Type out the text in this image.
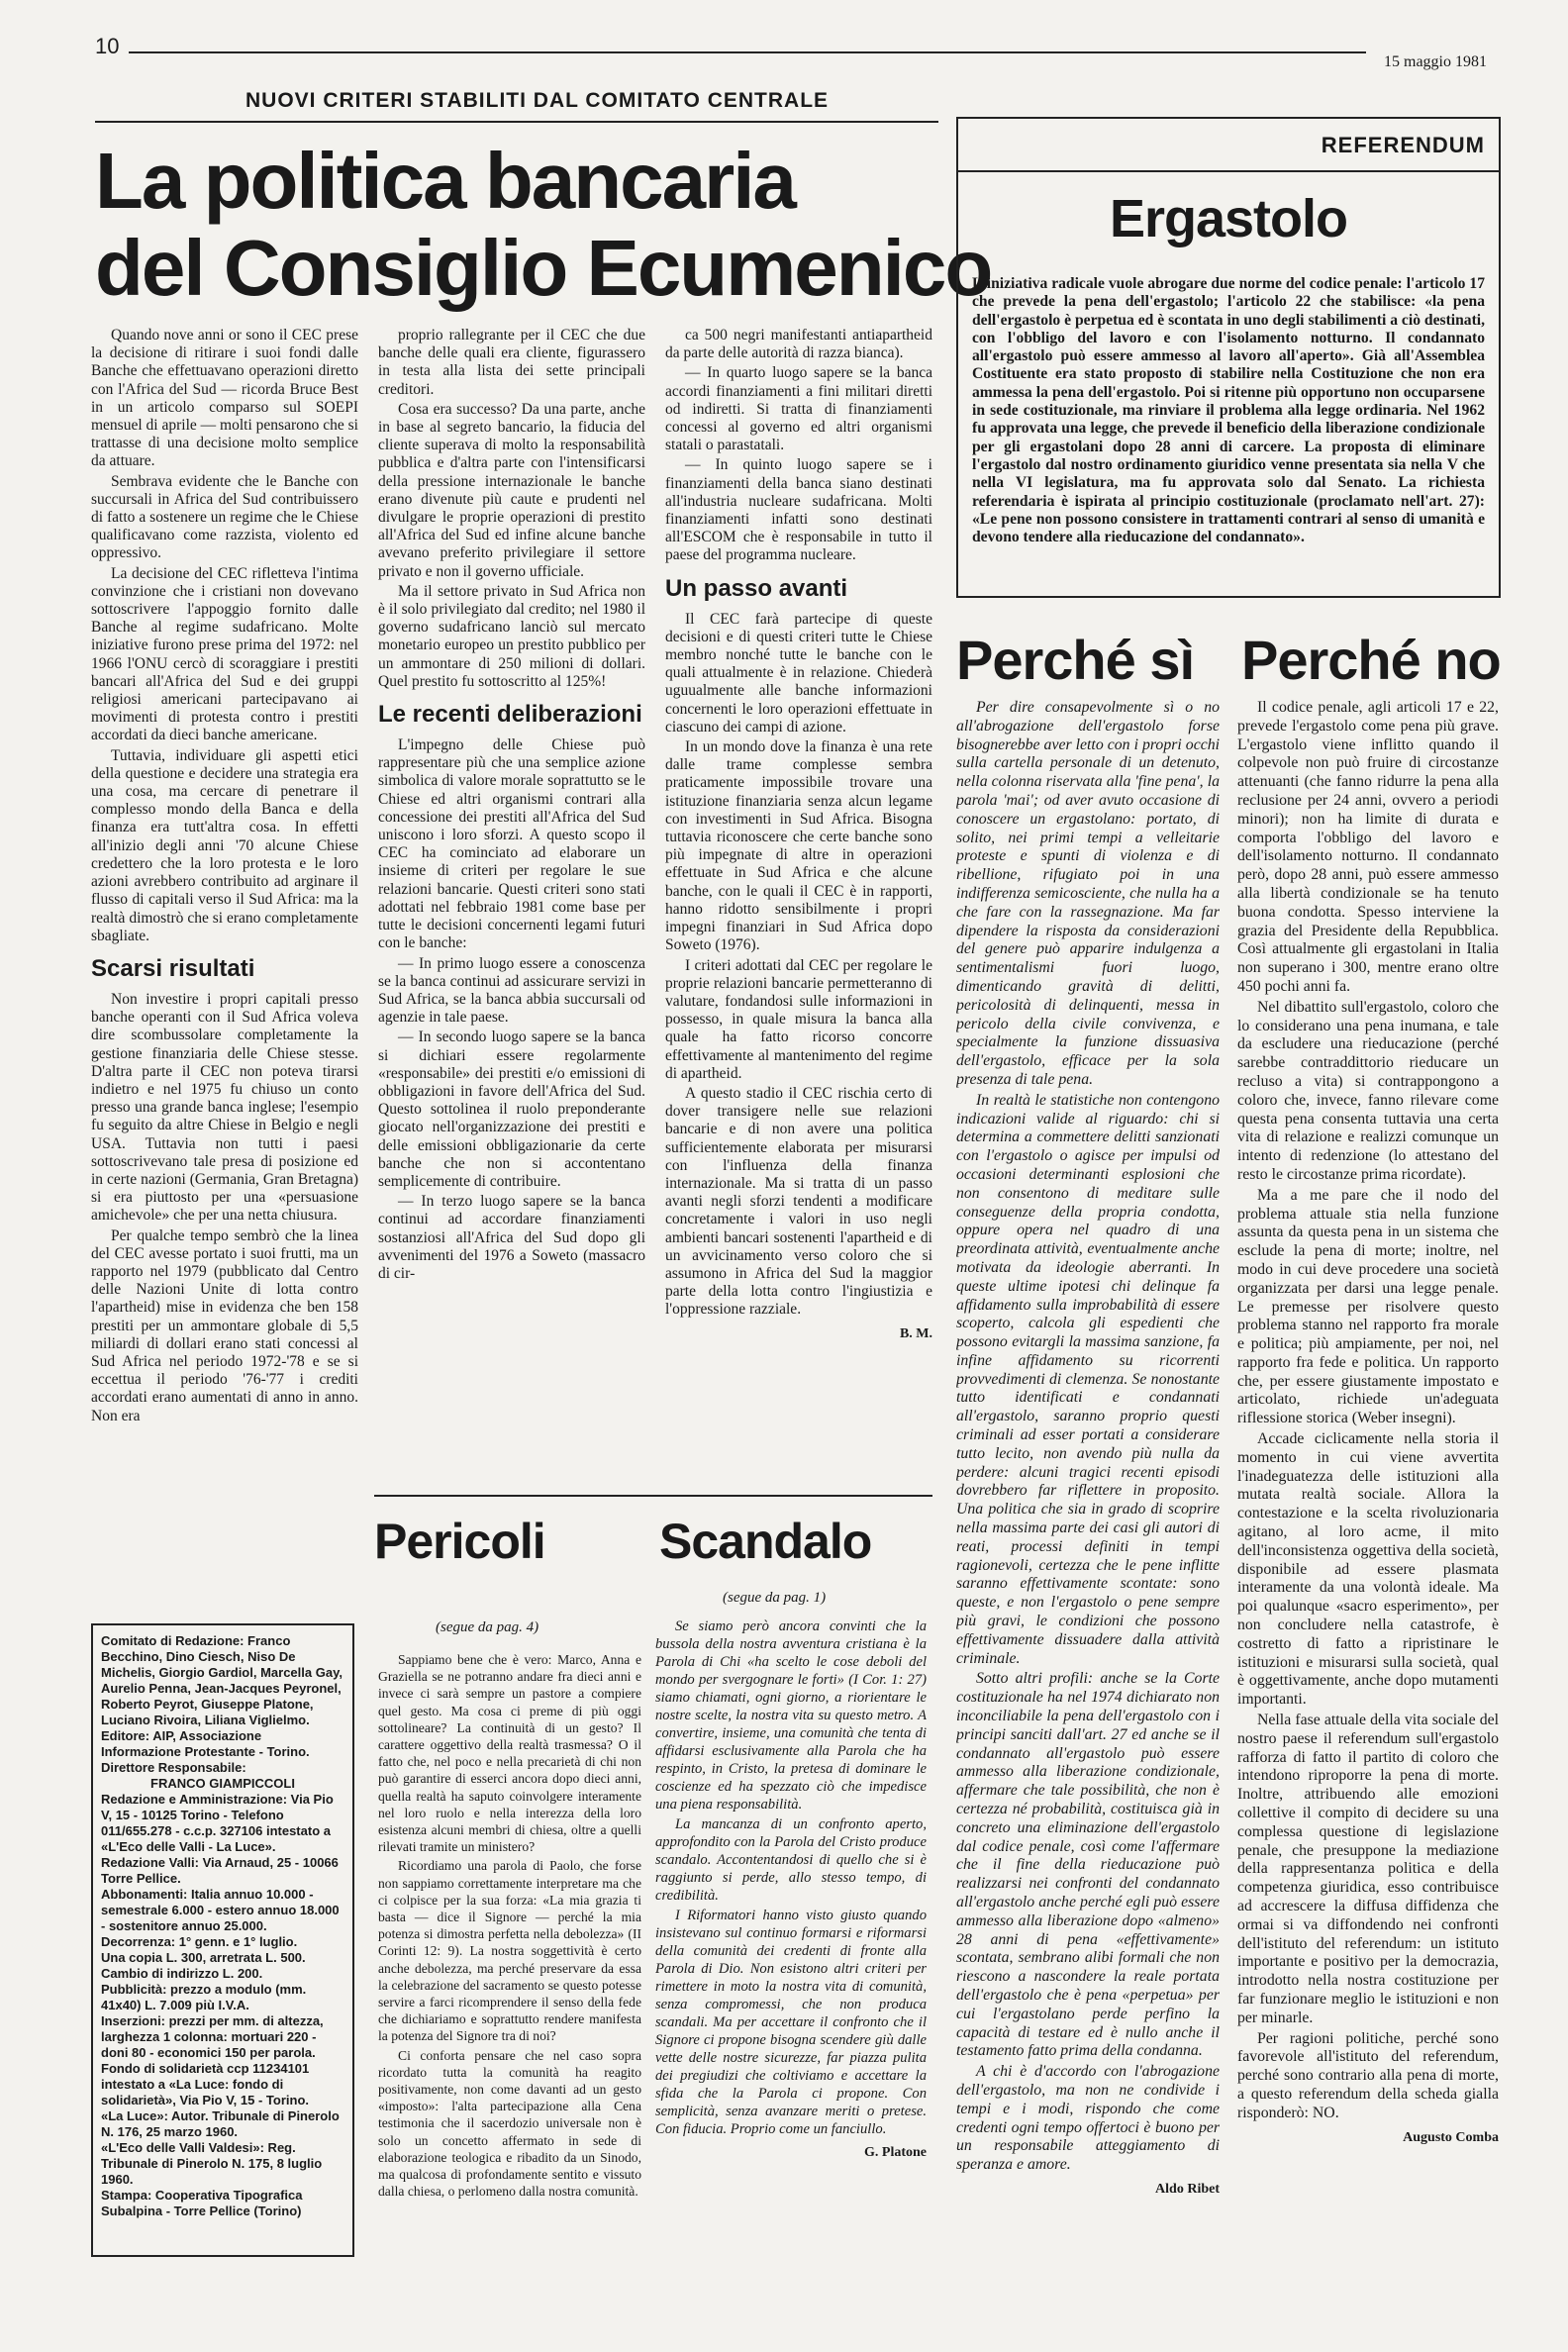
10
15 maggio 1981
NUOVI CRITERI STABILITI DAL COMITATO CENTRALE
La politica bancaria
del Consiglio Ecumenico

Quando nove anni or sono il CEC prese la decisione di ritirare i suoi fondi dalle Banche che effettuavano operazioni diretto con l'Africa del Sud — ricorda Bruce Best in un articolo comparso sul SOEPI mensuel di aprile — molti pensarono che si trattasse di una decisione molto semplice da attuare.

Sembrava evidente che le Banche con succursali in Africa del Sud contribuissero di fatto a sostenere un regime che le Chiese qualificavano come razzista, violento ed oppressivo.

La decisione del CEC rifletteva l'intima convinzione che i cristiani non dovevano sottoscrivere l'appoggio fornito dalle Banche al regime sudafricano. Molte iniziative furono prese prima del 1972: nel 1966 l'ONU cercò di scoraggiare i prestiti bancari all'Africa del Sud e dei gruppi religiosi americani partecipavano ai movimenti di protesta contro i prestiti accordati da dieci banche americane.

Tuttavia, individuare gli aspetti etici della questione e decidere una strategia era una cosa, ma cercare di penetrare il complesso mondo della Banca e della finanza era tutt'altra cosa. In effetti all'inizio degli anni '70 alcune Chiese credettero che la loro protesta e le loro azioni avrebbero contribuito ad arginare il flusso di capitali verso il Sud Africa: ma la realtà dimostrò che si erano completamente sbagliate.

Scarsi risultati

Non investire i propri capitali presso banche operanti con il Sud Africa voleva dire scombussolare completamente la gestione finanziaria delle Chiese stesse. D'altra parte il CEC non poteva tirarsi indietro e nel 1975 fu chiuso un conto presso una grande banca inglese; l'esempio fu seguito da altre Chiese in Belgio e negli USA. Tuttavia non tutti i paesi sottoscrivevano tale presa di posizione ed in certe nazioni (Germania, Gran Bretagna) si era piuttosto per una «persuasione amichevole» che per una netta chiusura.

Per qualche tempo sembrò che la linea del CEC avesse portato i suoi frutti, ma un rapporto nel 1979 (pubblicato dal Centro delle Nazioni Unite di lotta contro l'apartheid) mise in evidenza che ben 158 prestiti per un ammontare globale di 5,5 miliardi di dollari erano stati concessi al Sud Africa nel periodo 1972-'78 e se si eccettua il periodo '76-'77 i crediti accordati erano aumentati di anno in anno. Non era

proprio rallegrante per il CEC che due banche delle quali era cliente, figurassero in testa alla lista dei sette principali creditori.

Cosa era successo? Da una parte, anche in base al segreto bancario, la fiducia del cliente superava di molto la responsabilità pubblica e d'altra parte con l'intensificarsi della pressione internazionale le banche erano divenute più caute e prudenti nel divulgare le proprie operazioni di prestito all'Africa del Sud ed infine alcune banche avevano preferito privilegiare il settore privato e non il governo ufficiale.

Ma il settore privato in Sud Africa non è il solo privilegiato dal credito; nel 1980 il governo sudafricano lanciò sul mercato monetario europeo un prestito pubblico per un ammontare di 250 milioni di dollari. Quel prestito fu sottoscritto al 125%!

Le recenti deliberazioni

L'impegno delle Chiese può rappresentare più che una semplice azione simbolica di valore morale soprattutto se le Chiese ed altri organismi contrari alla concessione dei prestiti all'Africa del Sud uniscono i loro sforzi. A questo scopo il CEC ha cominciato ad elaborare un insieme di criteri per regolare le sue relazioni bancarie. Questi criteri sono stati adottati nel febbraio 1981 come base per tutte le decisioni concernenti legami futuri con le banche:

— In primo luogo essere a conoscenza se la banca continui ad assicurare servizi in Sud Africa, se la banca abbia succursali od agenzie in tale paese.

— In secondo luogo sapere se la banca si dichiari essere regolarmente «responsabile» dei prestiti e/o emissioni di obbligazioni in favore dell'Africa del Sud. Questo sottolinea il ruolo preponderante giocato nell'organizzazione dei prestiti e delle emissioni obbligazionarie da certe banche che non si accontentano semplicemente di contribuire.

— In terzo luogo sapere se la banca continui ad accordare finanziamenti sostanziosi all'Africa del Sud dopo gli avvenimenti del 1976 a Soweto (massacro di cir-

ca 500 negri manifestanti antiapartheid da parte delle autorità di razza bianca).

— In quarto luogo sapere se la banca accordi finanziamenti a fini militari diretti od indiretti. Si tratta di finanziamenti concessi al governo ed altri organismi statali o parastatali.

— In quinto luogo sapere se i finanziamenti della banca siano destinati all'industria nucleare sudafricana. Molti finanziamenti infatti sono destinati all'ESCOM che è responsabile in tutto il paese del programma nucleare.

Un passo avanti

Il CEC farà partecipe di queste decisioni e di questi criteri tutte le Chiese membro nonché tutte le banche con le quali attualmente è in relazione. Chiederà uguualmente alle banche informazioni concernenti le loro operazioni effettuate in ciascuno dei campi di azione.

In un mondo dove la finanza è una rete dalle trame complesse sembra praticamente impossibile trovare una istituzione finanziaria senza alcun legame con investimenti in Sud Africa. Bisogna tuttavia riconoscere che certe banche sono più impegnate di altre in operazioni effettuate in Sud Africa e che alcune banche, con le quali il CEC è in rapporti, hanno ridotto sensibilmente i propri impegni finanziari in Sud Africa dopo Soweto (1976).

I criteri adottati dal CEC per regolare le proprie relazioni bancarie permetteranno di valutare, fondandosi sulle informazioni in possesso, in quale misura la banca alla quale ha fatto ricorso concorre effettivamente al mantenimento del regime di apartheid.

A questo stadio il CEC rischia certo di dover transigere nelle sue relazioni bancarie e di non avere una politica sufficientemente elaborata per misurarsi con l'influenza della finanza internazionale. Ma si tratta di un passo avanti negli sforzi tendenti a modificare concretamente i valori in uso negli ambienti bancari sostenenti l'apartheid e di un avvicinamento verso coloro che si assumono in Africa del Sud la maggior parte della lotta contro l'ingiustizia e l'oppressione razziale.

B. M.
Comitato di Redazione: Franco Becchino, Dino Ciesch, Niso De Michelis, Giorgio Gardiol, Marcella Gay, Aurelio Penna, Jean-Jacques Peyronel, Roberto Peyrot, Giuseppe Platone, Luciano Rivoira, Liliana Viglielmo.
Editore: AIP, Associazione Informazione Protestante - Torino.
Direttore Responsabile:
FRANCO GIAMPICCOLI
Redazione e Amministrazione: Via Pio V, 15 - 10125 Torino - Telefono 011/655.278 - c.c.p. 327106 intestato a «L'Eco delle Valli - La Luce».
Redazione Valli: Via Arnaud, 25 - 10066 Torre Pellice.
Abbonamenti: Italia annuo 10.000 - semestrale 6.000 - estero annuo 18.000 - sostenitore annuo 25.000.
Decorrenza: 1° genn. e 1° luglio.
Una copia L. 300, arretrata L. 500.
Cambio di indirizzo L. 200.
Pubblicità: prezzo a modulo (mm. 41x40) L. 7.009 più I.V.A.
Inserzioni: prezzi per mm. di altezza, larghezza 1 colonna: mortuari 220 - doni 80 - economici 150 per parola.
Fondo di solidarietà ccp 11234101 intestato a «La Luce: fondo di solidarietà», Via Pio V, 15 - Torino.
«La Luce»: Autor. Tribunale di Pinerolo N. 176, 25 marzo 1960.
«L'Eco delle Valli Valdesi»: Reg. Tribunale di Pinerolo N. 175, 8 luglio 1960.
Stampa: Cooperativa Tipografica Subalpina - Torre Pellice (Torino)
Pericoli
(segue da pag. 4)

Sappiamo bene che è vero: Marco, Anna e Graziella se ne potranno andare fra dieci anni e invece ci sarà sempre un pastore a compiere quel gesto. Ma cosa ci preme di più oggi sottolineare? La continuità di un gesto? Il carattere oggettivo della realtà trasmessa? O il fatto che, nel poco e nella precarietà di chi non può garantire di esserci ancora dopo dieci anni, quella realtà ha saputo coinvolgere interamente nel loro ruolo e nella interezza della loro esistenza alcuni membri di chiesa, oltre a quelli rilevati tramite un ministero?

Ricordiamo una parola di Paolo, che forse non sappiamo correttamente interpretare ma che ci colpisce per la sua forza: «La mia grazia ti basta — dice il Signore — perché la mia potenza si dimostra perfetta nella debolezza» (II Corinti 12: 9). La nostra soggettività è certo anche debolezza, ma perché preservare da essa la celebrazione del sacramento se questo potesse servire a farci ricomprendere il senso della fede che dichiariamo e soprattutto rendere manifesta la potenza del Signore tra di noi?

Ci conforta pensare che nel caso sopra ricordato tutta la comunità ha reagito positivamente, non come davanti ad un gesto «imposto»: l'alta partecipazione alla Cena testimonia che il sacerdozio universale non è solo un concetto affermato in sede di elaborazione teologica e ribadito da un Sinodo, ma qualcosa di profondamente sentito e vissuto dalla chiesa, o perlomeno dalla nostra comunità.

Scandalo
(segue da pag. 1)

Se siamo però ancora convinti che la bussola della nostra avventura cristiana è la Parola di Chi «ha scelto le cose deboli del mondo per svergognare le forti» (I Cor. 1: 27) siamo chiamati, ogni giorno, a riorientare le nostre scelte, la nostra vita su questo metro. A convertire, insieme, una comunità che tenta di affidarsi esclusivamente alla Parola che ha respinto, in Cristo, la pretesa di dominare le coscienze ed ha spezzato ciò che impediscе una piena responsabilità.

La mancanza di un confronto aperto, approfondito con la Parola del Cristo produce scandalo. Accontentandosi di quello che si è raggiunto si perde, allo stesso tempo, di credibilità.

I Riformatori hanno visto giusto quando insistevano sul continuo formarsi e riformarsi della comunità dei credenti di fronte alla Parola di Dio. Non esistono altri criteri per rimettere in moto la nostra vita di comunità, senza compromessi, che non produca scandali. Ma per accettare il confronto che il Signore ci propone bisogna scendere giù dalle vette delle nostre sicurezze, far piazza pulita dei pregiudizi che coltiviamo e accettare la sfida che la Parola ci propone. Con semplicità, senza avanzare meriti o pretese. Con fiducia. Proprio come un fanciullo.

G. Platone
REFERENDUM
Ergastolo
L'iniziativa radicale vuole abrogare due norme del codice penale: l'articolo 17 che prevede la pena dell'ergastolo; l'articolo 22 che stabilisce: «la pena dell'ergastolo è perpetua ed è scontata in uno degli stabilimenti a ciò destinati, con l'obbligo del lavoro e con l'isolamento notturno. Il condannato all'ergastolo può essere ammesso al lavoro all'aperto». Già all'Assemblea Costituente era stato proposto di stabilire nella Costituzione che non era ammessa la pena dell'ergastolo. Poi si ritenne più opportuno non occuparsene in sede costituzionale, ma rinviare il problema alla legge ordinaria. Nel 1962 fu approvata una legge, che prevede il beneficio della liberazione condizionale per gli ergastolani dopo 28 anni di carcere. La proposta di eliminare l'ergastolo dal nostro ordinamento giuridico venne presentata sia nella V che nella VI legislatura, ma fu approvata solo dal Senato. La richiesta referendaria è ispirata al principio costituzionale (proclamato nell'art. 27): «Le pene non possono consistere in trattamenti contrari al senso di umanità e devono tendere alla rieducazione del condannato».
Perché sì

Per dire consapevolmente sì o no all'abrogazione dell'ergastolo forse bisognerebbe aver letto con i propri occhi sulla cartella personale di un detenuto, nella colonna riservata alla 'fine pena', la parola 'mai'; od aver avuto occasione di conoscere un ergastolano: portato, di solito, nei primi tempi a velleitarie proteste e spunti di violenza e di ribellione, rifugiato poi in una indifferenza semicosciente, che nulla ha a che fare con la rassegnazione. Ma far dipendere la risposta da considerazioni del genere può apparire indulgenza a sentimentalismi fuori luogo, dimenticando gravità di delitti, pericolosità di delinquenti, messa in pericolo della civile convivenza, e specialmente la funzione dissuasiva dell'ergastolo, efficace per la sola presenza di tale pena.

In realtà le statistiche non contengono indicazioni valide al riguardo: chi si determina a commettere delitti sanzionati con l'ergastolo o agisce per impulsi od occasioni determinanti esplosioni che non consentono di meditare sulle conseguenze della propria condotta, oppure opera nel quadro di una preordinata attività, eventualmente anche motivata da ideologie aberranti. In queste ultime ipotesi chi delinque fa affidamento sulla improbabilità di essere scoperto, calcola gli espedienti che possono evitargli la massima sanzione, fa infine affidamento su ricorrenti provvedimenti di clemenza. Se nonostante tutto identificati e condannati all'ergastolo, saranno proprio questi criminali ad esser portati a considerare tutto lecito, non avendo più nulla da perdere: alcuni tragici recenti episodi dovrebbero far riflettere in proposito. Una politica che sia in grado di scoprire nella massima parte dei casi gli autori di reati, processi definiti in tempi ragionevoli, certezza che le pene inflitte saranno effettivamente scontate: sono queste, e non l'ergastolo o pene sempre più gravi, le condizioni che possono effettivamente dissuadere dalla attività criminale.

Sotto altri profili: anche se la Corte costituzionale ha nel 1974 dichiarato non inconciliabile la pena dell'ergastolo con i principi sanciti dall'art. 27 ed anche se il condannato all'ergastolo può essere ammesso alla liberazione condizionale, affermare che tale possibilità, che non è certezza né probabilità, costituisca già in concreto una eliminazione dell'ergastolo dal codice penale, così come l'affermare che il fine della rieducazione può realizzarsi nei confronti del condannato all'ergastolo anche perché egli può essere ammesso alla liberazione dopo «almeno» 28 anni di pena «effettivamente» scontata, sembrano alibi formali che non riescono a nascondere la reale portata dell'ergastolo che è pena «perpetua» per cui l'ergastolano perde perfino la capacità di testare ed è nullo anche il testamento fatto prima della condanna.

A chi è d'accordo con l'abrogazione dell'ergastolo, ma non ne condivide i tempi e i modi, rispondo che come credenti ogni tempo offertoci è buono per un responsabile atteggiamento di speranza e amore.

Aldo Ribet
Perché no

Il codice penale, agli articoli 17 e 22, prevede l'ergastolo come pena più grave. L'ergastolo viene inflitto quando il colpevole non può fruire di circostanze attenuanti (che fanno ridurre la pena alla reclusione per 24 anni, ovvero a periodi minori); non ha limite di durata e comporta l'obbligo del lavoro e dell'isolamento notturno. Il condannato però, dopo 28 anni, può essere ammesso alla libertà condizionale se ha tenuto buona condotta. Spesso interviene la grazia del Presidente della Repubblica. Così attualmente gli ergastolani in Italia non superano i 300, mentre erano oltre 450 pochi anni fa.

Nel dibattito sull'ergastolo, coloro che lo considerano una pena inumana, e tale da escludere una rieducazione (perché sarebbe contraddittorio rieducare un recluso a vita) si contrappongono a coloro che, invece, fanno rilevare come questa pena consenta tuttavia una certa vita di relazione e realizzi comunque un intento di redenzione (lo attestano del resto le circostanze prima ricordate).

Ma a me pare che il nodo del problema attuale stia nella funzione assunta da questa pena in un sistema che esclude la pena di morte; inoltre, nel modo in cui deve procedere una società organizzata per darsi una legge penale. Le premesse per risolvere questo problema stanno nel rapporto fra morale e politica; più ampiamente, per noi, nel rapporto fra fede e politica. Un rapporto che, per essere giustamente impostato e articolato, richiede un'adeguata riflessione storica (Weber insegni).

Accade ciclicamente nella storia il momento in cui viene avvertita l'inadeguatezza delle istituzioni alla mutata realtà sociale. Allora la contestazione e la scelta rivoluzionaria agitano, al loro acme, il mito dell'inconsistenza oggettiva della società, disponibile ad essere plasmata interamente da una volontà ideale. Ma poi qualunque «sacro esperimento», per non concludere nella catastrofe, è costretto di fatto a ripristinare le istituzioni e misurarsi sulla società, qual è oggettivamente, anche dopo mutamenti importanti.

Nella fase attuale della vita sociale del nostro paese il referendum sull'ergastolo rafforza di fatto il partito di coloro che intendono riproporre la pena di morte. Inoltre, attribuendo alle emozioni collettive il compito di decidere su una complessa questione di legislazione penale, che presuppone la mediazione della rappresentanza politica e della competenza giuridica, esso contribuisce ad accrescere la diffusa diffidenza che ormai si va diffondendo nei confronti dell'istituto del referendum: un istituto importante e positivo per la democrazia, introdotto nella nostra costituzione per far funzionare meglio le istituzioni e non per minarle.

Per ragioni politiche, perché sono favorevole all'istituto del referendum, perché sono contrario alla pena di morte, a questo referendum della scheda gialla risponderò: NO.

Augusto Comba
